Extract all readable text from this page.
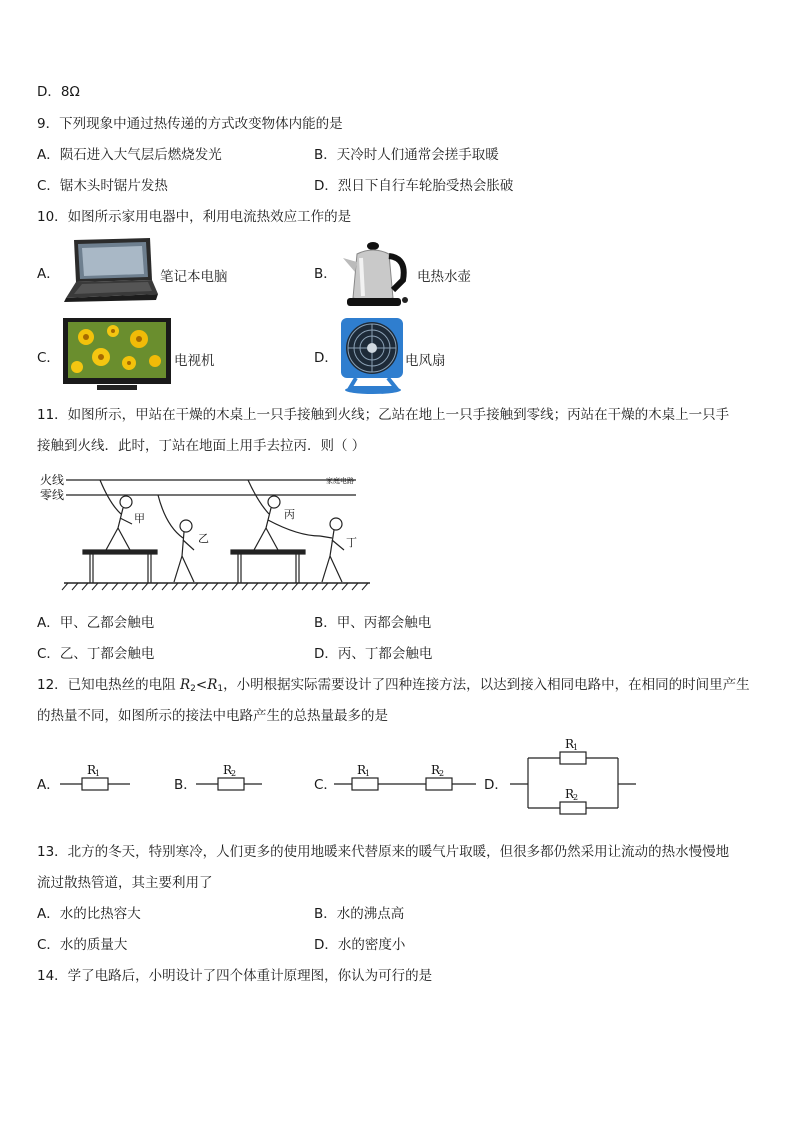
D．8Ω
9．下列现象中通过热传递的方式改变物体内能的是
A．陨石进入大气层后燃烧发光	B．天冷时人们通常会搓手取暖
C．锯木头时锯片发热	D．烈日下自行车轮胎受热会胀破
10．如图所示家用电器中，利用电流热效应工作的是
A．	笔记本电脑	B．	电热水壶
C．	电视机	D．	电风扇
11．如图所示，甲站在干燥的木桌上一只手接触到火线；乙站在地上一只手接触到零线；丙站在干燥的木桌上一只手
接触到火线．此时，丁站在地面上用手去拉丙．则（ ）
火线
零线
家庭电路
甲
乙
丙
丁
A．甲、乙都会触电	B．甲、丙都会触电
C．乙、丁都会触电	D．丙、丁都会触电
12．已知电热丝的电阻 $R_2<R_1$，小明根据实际需要设计了四种连接方法，以达到接入相同电路中，在相同的时间里产生
的热量不同，如图所示的接法中电路产生的总热量最多的是
A．
R
1
B．
R
2
C．
R
1	R
2
D．
R
1
R
2
13．北方的冬天，特别寒冷，人们更多的使用地暖来代替原来的暖气片取暖，但很多都仍然采用让流动的热水慢慢地
流过散热管道，其主要利用了
A．水的比热容大	B．水的沸点高
C．水的质量大	D．水的密度小
14．学了电路后，小明设计了四个体重计原理图，你认为可行的是
